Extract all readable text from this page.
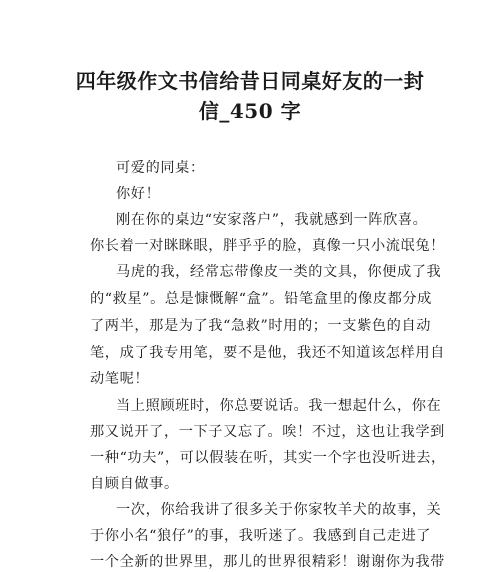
四年级作文书信给昔日同桌好友的一封
信_450 字
可爱的同桌：
你好！
刚在你的桌边“安家落户”，我就感到一阵欣喜。
你长着一对眯眯眼，胖乎乎的脸，真像一只小流氓兔！
马虎的我，经常忘带像皮一类的文具，你便成了我
的“救星”。总是慷慨解“盒”。铅笔盒里的像皮都分成
了两半，那是为了我“急救”时用的；一支紫色的自动
笔，成了我专用笔，要不是他，我还不知道该怎样用自
动笔呢！
当上照顾班时，你总要说话。我一想起什么，你在
那又说开了，一下子又忘了。唉！不过，这也让我学到
一种“功夫”，可以假装在听，其实一个字也没听进去，
自顾自做事。
一次，你给我讲了很多关于你家牧羊犬的故事，关
于你小名“狼仔”的事，我听迷了。我感到自己走进了
一个全新的世界里，那儿的世界很精彩！谢谢你为我带
